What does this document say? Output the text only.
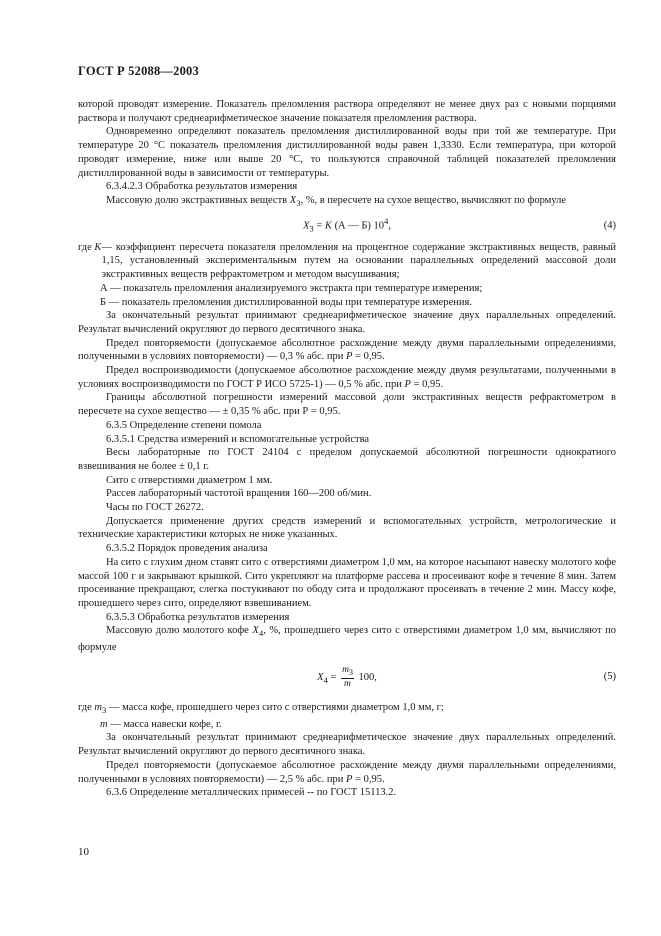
ГОСТ Р 52088—2003

которой проводят измерение. Показатель преломления раствора определяют не менее двух раз с новыми порциями раствора и получают среднеарифметическое значение показателя преломления раствора.

Одновременно определяют показатель преломления дистиллированной воды при той же температуре. При температуре 20 °С показатель преломления дистиллированной воды равен 1,3330. Если температура, при которой проводят измерение, ниже или выше 20 °С, то пользуются справочной таблицей показателей преломления дистиллированной воды в зависимости от температуры.

6.3.4.2.3 Обработка результатов измерения

Массовую долю экстрактивных веществ $X_3$, %, в пересчете на сухое вещество, вычисляют по формуле

$X_3 = K$ (А — Б) $10^4$,	(4)
где K — коэффициент пересчета показателя преломления на процентное содержание экстрактивных веществ, равный 1,15, установленный экспериментальным путем на основании параллельных определений массовой доли экстрактивных веществ рефрактометром и методом высушивания;

А — показатель преломления анализируемого экстракта при температуре измерения;

Б — показатель преломления дистиллированной воды при температуре измерения.

За окончательный результат принимают среднеарифметическое значение двух параллельных определений. Результат вычислений округляют до первого десятичного знака.

Предел повторяемости (допускаемое абсолютное расхождение между двумя параллельными определениями, полученными в условиях повторяемости) — 0,3 % абс. при Р = 0,95.

Предел воспроизводимости (допускаемое абсолютное расхождение между двумя результатами, полученными в условиях воспроизводимости по ГОСТ Р ИСО 5725-1) — 0,5 % абс. при Р = 0,95.

Границы абсолютной погрешности измерений массовой доли экстрактивных веществ рефрактометром в пересчете на сухое вещество — ± 0,35 % абс. при Р = 0,95.

6.3.5 Определение степени помола

6.3.5.1 Средства измерений и вспомогательные устройства

Весы лабораторные по ГОСТ 24104 с пределом допускаемой абсолютной погрешности однократного взвешивания не более ± 0,1 г.

Сито с отверстиями диаметром 1 мм.

Рассев лабораторный частотой вращения 160—200 об/мин.

Часы по ГОСТ 26272.

Допускается применение других средств измерений и вспомогательных устройств, метрологические и технические характеристики которых не ниже указанных.

6.3.5.2 Порядок проведения анализа

На сито с глухим дном ставят сито с отверстиями диаметром 1,0 мм, на которое насыпают навеску молотого кофе массой 100 г и закрывают крышкой. Сито укрепляют на платформе рассева и просеивают кофе в течение 8 мин. Затем просеивание прекращают, слегка постукивают по ободу сита и продолжают просеивать в течение 2 мин. Массу кофе, прошедшего через сито, определяют взвешиванием.

6.3.5.3 Обработка результатов измерения

Массовую долю молотого кофе $X_4$, %, прошедшего через сито с отверстиями диаметром 1,0 мм, вычисляют по формуле

$X_4 = \frac{m_3}{m} 100$,	(5)

где $m_3$ — масса кофе, прошедшего через сито с отверстиями диаметром 1,0 мм, г;

m — масса навески кофе, г.

За окончательный результат принимают среднеарифметическое значение двух параллельных определений. Результат вычислений округляют до первого десятичного знака.

Предел повторяемости (допускаемое абсолютное расхождение между двумя параллельными определениями, полученными в условиях повторяемости) — 2,5 % абс. при Р = 0,95.

6.3.6 Определение металлических примесей -- по ГОСТ 15113.2.

10
